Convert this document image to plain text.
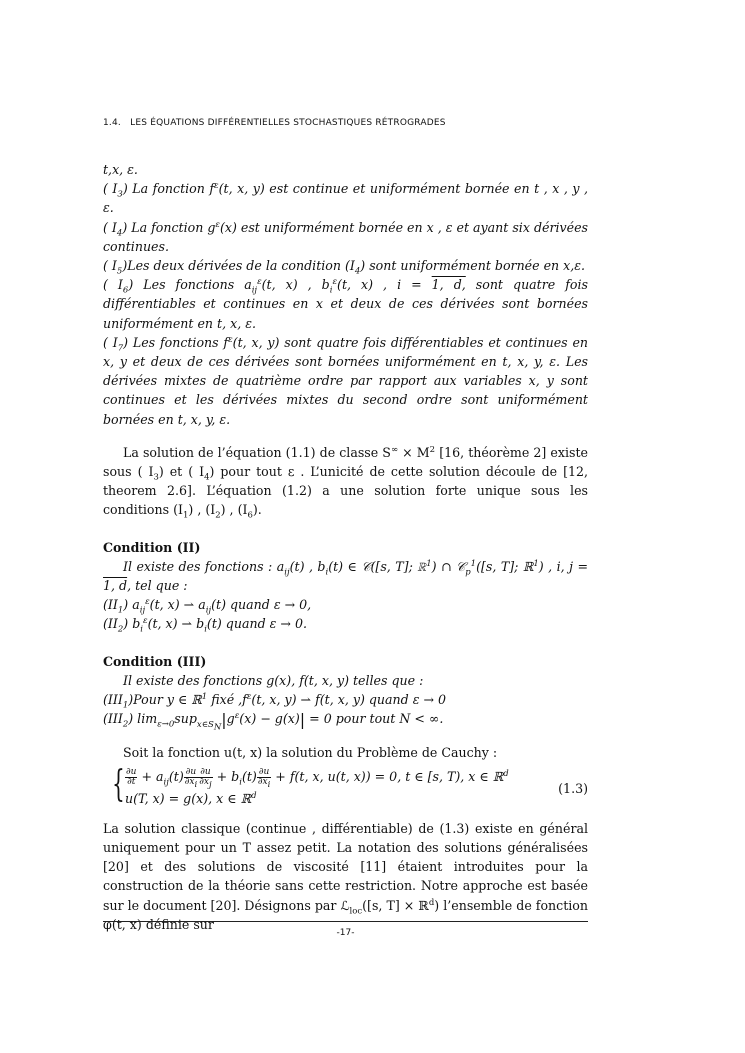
1.4. LES ÉQUATIONS DIFFÉRENTIELLES STOCHASTIQUES RÉTROGRADES
t,x, ε.
( $I_3$) La fonction $f^\varepsilon(t$, x, y) est continue et uniformément bornée en t , x , y , ε.
( $I_4$) La fonction $g^\varepsilon(x)$ est uniformément bornée en x , ε et ayant six dérivées continues.
( $I_5)Les$ deux dérivées de la condition $(I_4)$ sont uniformément bornée en x,ε.
( $I_6$) Les fonctions $a_{ij}^\varepsilon(t$, x) , $b_i^\varepsilon(t$, x) , i = 1, d, sont quatre fois différentiables et continues en x et deux de ces dérivées sont bornées uniformément en t, x, ε.
( $I_7$) Les fonctions $f^\varepsilon(t$, x, y) sont quatre fois différentiables et continues en x, y et deux de ces dérivées sont bornées uniformément en t, x, y, ε. Les dérivées mixtes de quatrième ordre par rapport aux variables x, y sont continues et les dérivées mixtes du second ordre sont uniformément bornées en t, x, y, ε.
La solution de l’équation (1.1) de classe $S^\infty \times M^2$ [16, théorème 2] existe sous ( $I_3$) et ( $I_4$) pour tout ε . L’unicité de cette solution découle de [12, theorem 2.6]. L’équation (1.2) a une solution forte unique sous les conditions $(I_1)$ , $(I_2)$ , $(I_6)$.
Condition (II)
Il existe des fonctions : $a_{ij}(t)$ , $b_i(t)$ ∈ 𝒞([s, T]; ℝ$^1$) ∩ 𝒞$_p^1$([s, T]; ℝ$^1$) , i, j = 1, d, tel que :
$(II_1)$ $a_{ij}^\varepsilon(t$, x) ⇀ $a_{ij}(t)$ quand ε → 0,
$(II_2)$ $b_i^\varepsilon(t$, x) ⇀ $b_i(t)$ quand ε → 0.
Condition (III)
Il existe des fonctions g(x), f(t, x, y) telles que :
$(III_1)Pour$ y ∈ ℝ$^1$ fixé $,f^\varepsilon(t$, x, y) ⇀ f(t, x, y) quand ε → 0
$(III_2) \lim_{\varepsilon\to 0}sup_{x\in S_N}|g^\varepsilon(x) - g(x)| = 0$ pour tout N < ∞.
Soit la fonction u(t, x) la solution du Problème de Cauchy :
{ $\frac{\partial u}{\partial t} + a_{ij}(t) \frac{\partial u}{\partial x_i} \frac{\partial u}{\partial x_j} + b_i(t) \frac{\partial u}{\partial x_i} + f(t$, x, u(t, x)) = 0, t ∈ [s, T), x ∈ ℝ$^d$
u(T, x) = g(x), x ∈ ℝ$^d$	(1.3)
La solution classique (continue , différentiable) de (1.3) existe en général uniquement pour un T assez petit. La notation des solutions généralisées [20] et des solutions de viscosité [11] étaient introduites pour la construction de la théorie sans cette restriction. Notre approche est basée sur le document [20]. Désignons par ℒ$_{loc}$([s, T] × ℝ$^d$) l’ensemble de fonction φ(t, x) définie sur
-17-
